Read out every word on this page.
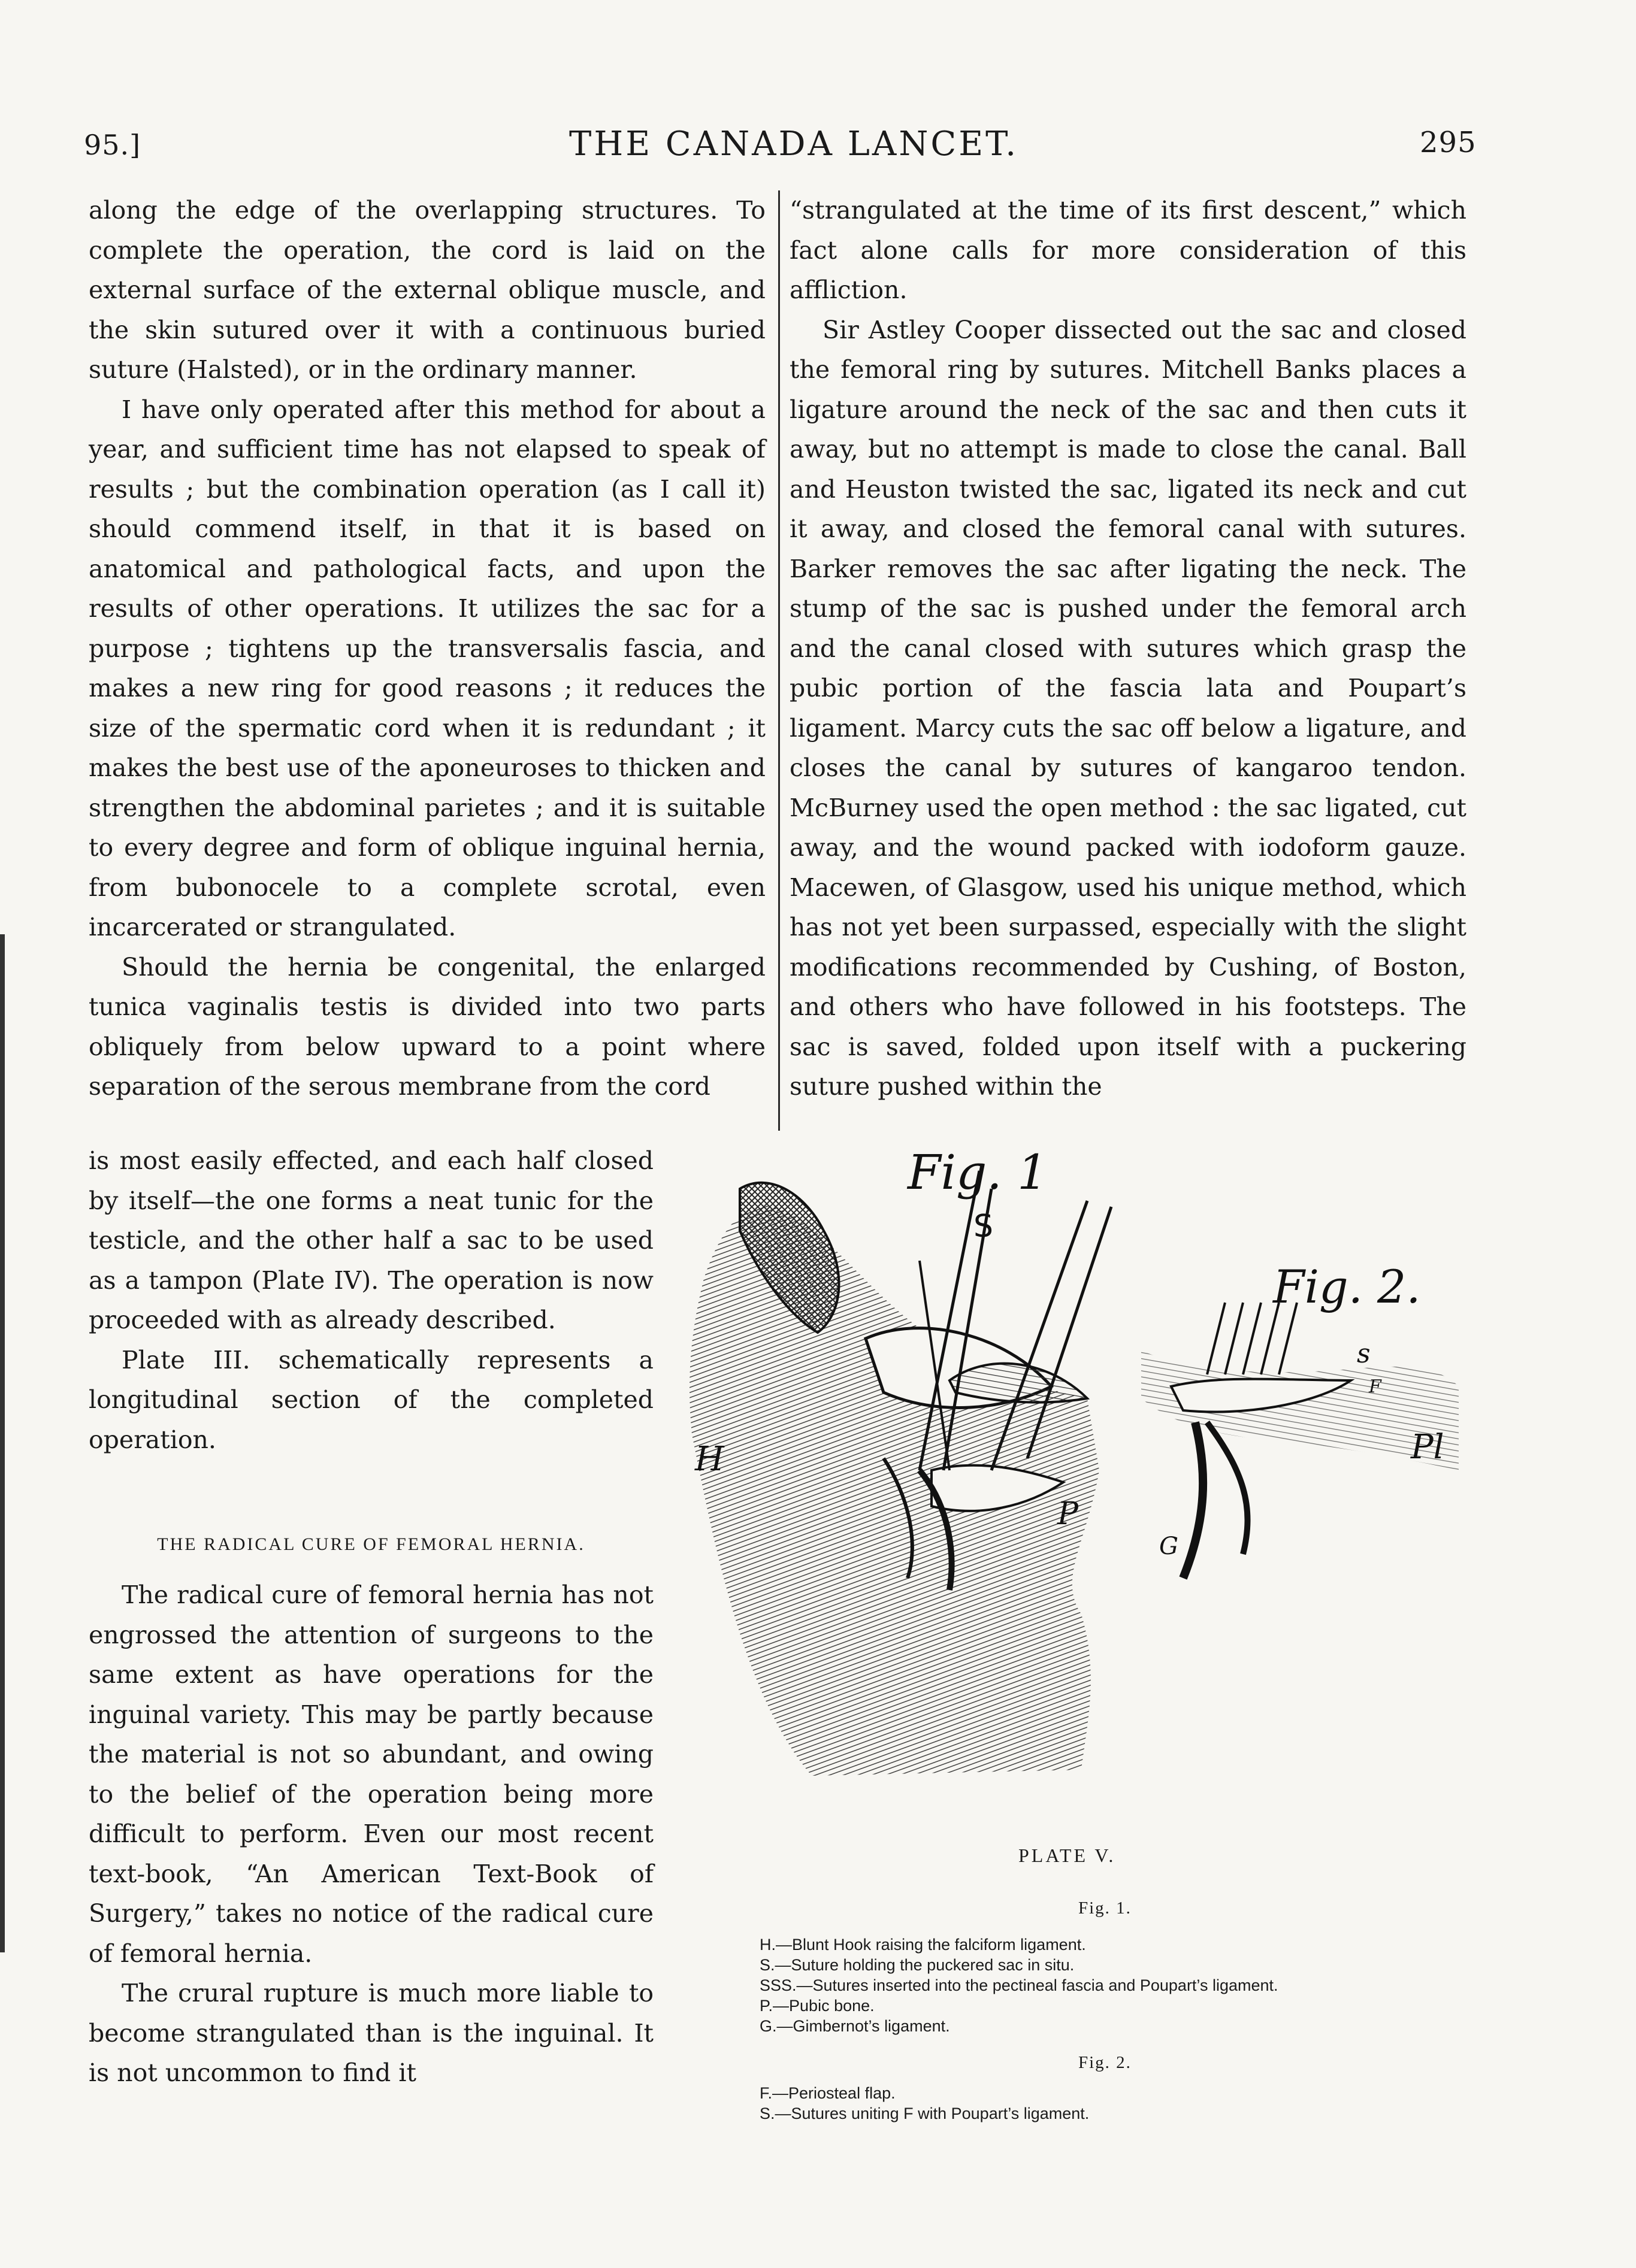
95.]	THE CANADA LANCET.	295

along the edge of the overlapping structures. To complete the operation, the cord is laid on the external surface of the external oblique muscle, and the skin sutured over it with a continuous buried suture (Halsted), or in the ordinary manner.

I have only operated after this method for about a year, and sufficient time has not elapsed to speak of results ; but the combination operation (as I call it) should commend itself, in that it is based on anatomical and pathological facts, and upon the results of other operations. It utilizes the sac for a purpose ; tightens up the transversalis fascia, and makes a new ring for good reasons ; it reduces the size of the spermatic cord when it is redundant ; it makes the best use of the aponeuroses to thicken and strengthen the abdominal parietes ; and it is suitable to every degree and form of oblique inguinal hernia, from bubonocele to a complete scrotal, even incarcerated or strangulated.

Should the hernia be congenital, the enlarged tunica vaginalis testis is divided into two parts obliquely from below upward to a point where separation of the serous membrane from the cord

“strangulated at the time of its first descent,” which fact alone calls for more consideration of this affliction.

Sir Astley Cooper dissected out the sac and closed the femoral ring by sutures. Mitchell Banks places a ligature around the neck of the sac and then cuts it away, but no attempt is made to close the canal. Ball and Heuston twisted the sac, ligated its neck and cut it away, and closed the femoral canal with sutures. Barker removes the sac after ligating the neck. The stump of the sac is pushed under the femoral arch and the canal closed with sutures which grasp the pubic portion of the fascia lata and Poupart’s ligament. Marcy cuts the sac off below a ligature, and closes the canal by sutures of kangaroo tendon. McBurney used the open method : the sac ligated, cut away, and the wound packed with iodoform gauze. Macewen, of Glasgow, used his unique method, which has not yet been surpassed, especially with the slight modifications recommended by Cushing, of Boston, and others who have followed in his footsteps. The sac is saved, folded upon itself with a puckering suture pushed within the

is most easily effected, and each half closed by itself—the one forms a neat tunic for the testicle, and the other half a sac to be used as a tampon (Plate IV). The operation is now proceeded with as already described.

Plate III. schematically represents a longitudinal section of the completed operation.

THE RADICAL CURE OF FEMORAL HERNIA.

The radical cure of femoral hernia has not engrossed the attention of surgeons to the same extent as have operations for the inguinal variety. This may be partly because the material is not so abundant, and owing to the belief of the operation being more difficult to perform. Even our most recent text-book, “An American Text-Book of Surgery,” takes no notice of the radical cure of femoral hernia.

The crural rupture is much more liable to become strangulated than is the inguinal. It is not uncommon to find it

Fig. 1
Fig. 2.
S
H
P
G
s
F
Pl
PLATE V.
Fig. 1.
H.—Blunt Hook raising the falciform ligament.
S.—Suture holding the puckered sac in situ.
SSS.—Sutures inserted into the pectineal fascia and Poupart’s ligament.
P.—Pubic bone.
G.—Gimbernot’s ligament.
Fig. 2.
F.—Periosteal flap.
S.—Sutures uniting F with Poupart’s ligament.
